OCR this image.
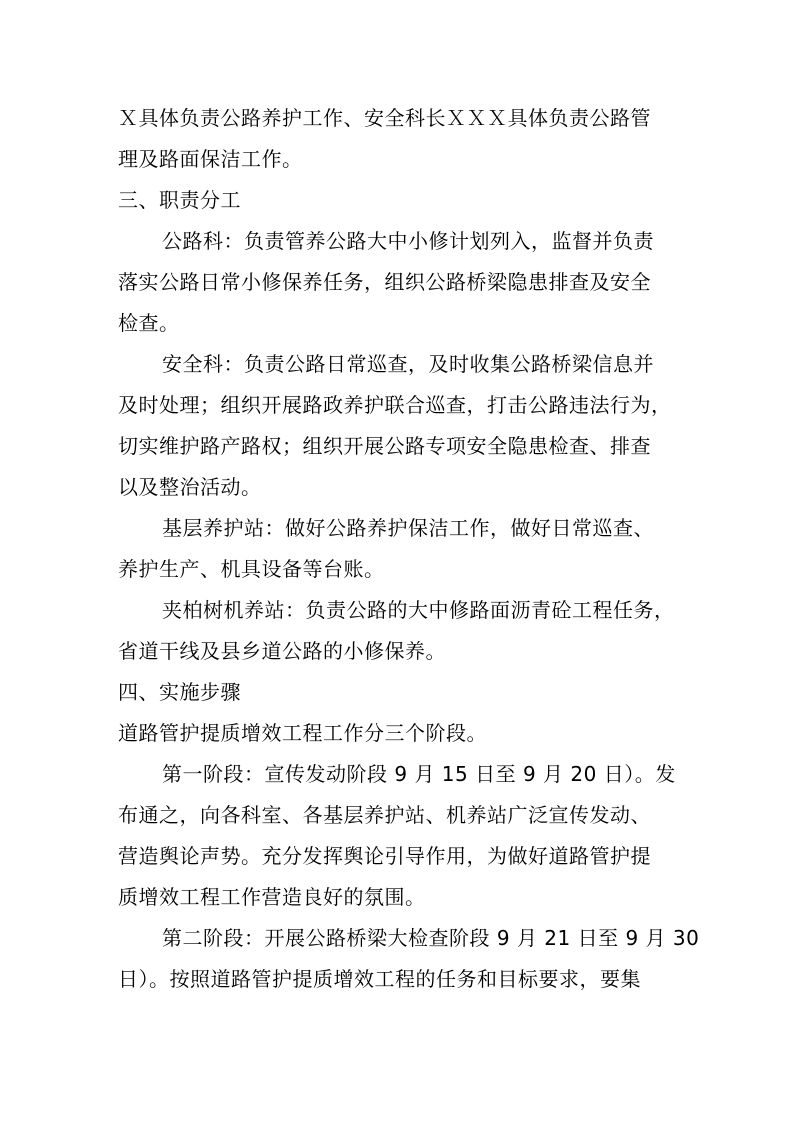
Ｘ具体负责公路养护工作、安全科长ＸＸＸ具体负责公路管
理及路面保洁工作。
三、职责分工
公路科：负责管养公路大中小修计划列入，监督并负责
落实公路日常小修保养任务，组织公路桥梁隐患排查及安全
检查。
安全科：负责公路日常巡查，及时收集公路桥梁信息并
及时处理；组织开展路政养护联合巡查，打击公路违法行为，
切实维护路产路权；组织开展公路专项安全隐患检查、排查
以及整治活动。
基层养护站：做好公路养护保洁工作，做好日常巡查、
养护生产、机具设备等台账。
夹柏树机养站：负责公路的大中修路面沥青砼工程任务，
省道干线及县乡道公路的小修保养。
四、实施步骤
道路管护提质增效工程工作分三个阶段。
第一阶段：宣传发动阶段 9 月 15 日至 9 月 20 日）。发
布通之，向各科室、各基层养护站、机养站广泛宣传发动、
营造舆论声势。充分发挥舆论引导作用，为做好道路管护提
质增效工程工作营造良好的氛围。
第二阶段：开展公路桥梁大检查阶段 9 月 21 日至 9 月 30
日）。按照道路管护提质增效工程的任务和目标要求，要集
